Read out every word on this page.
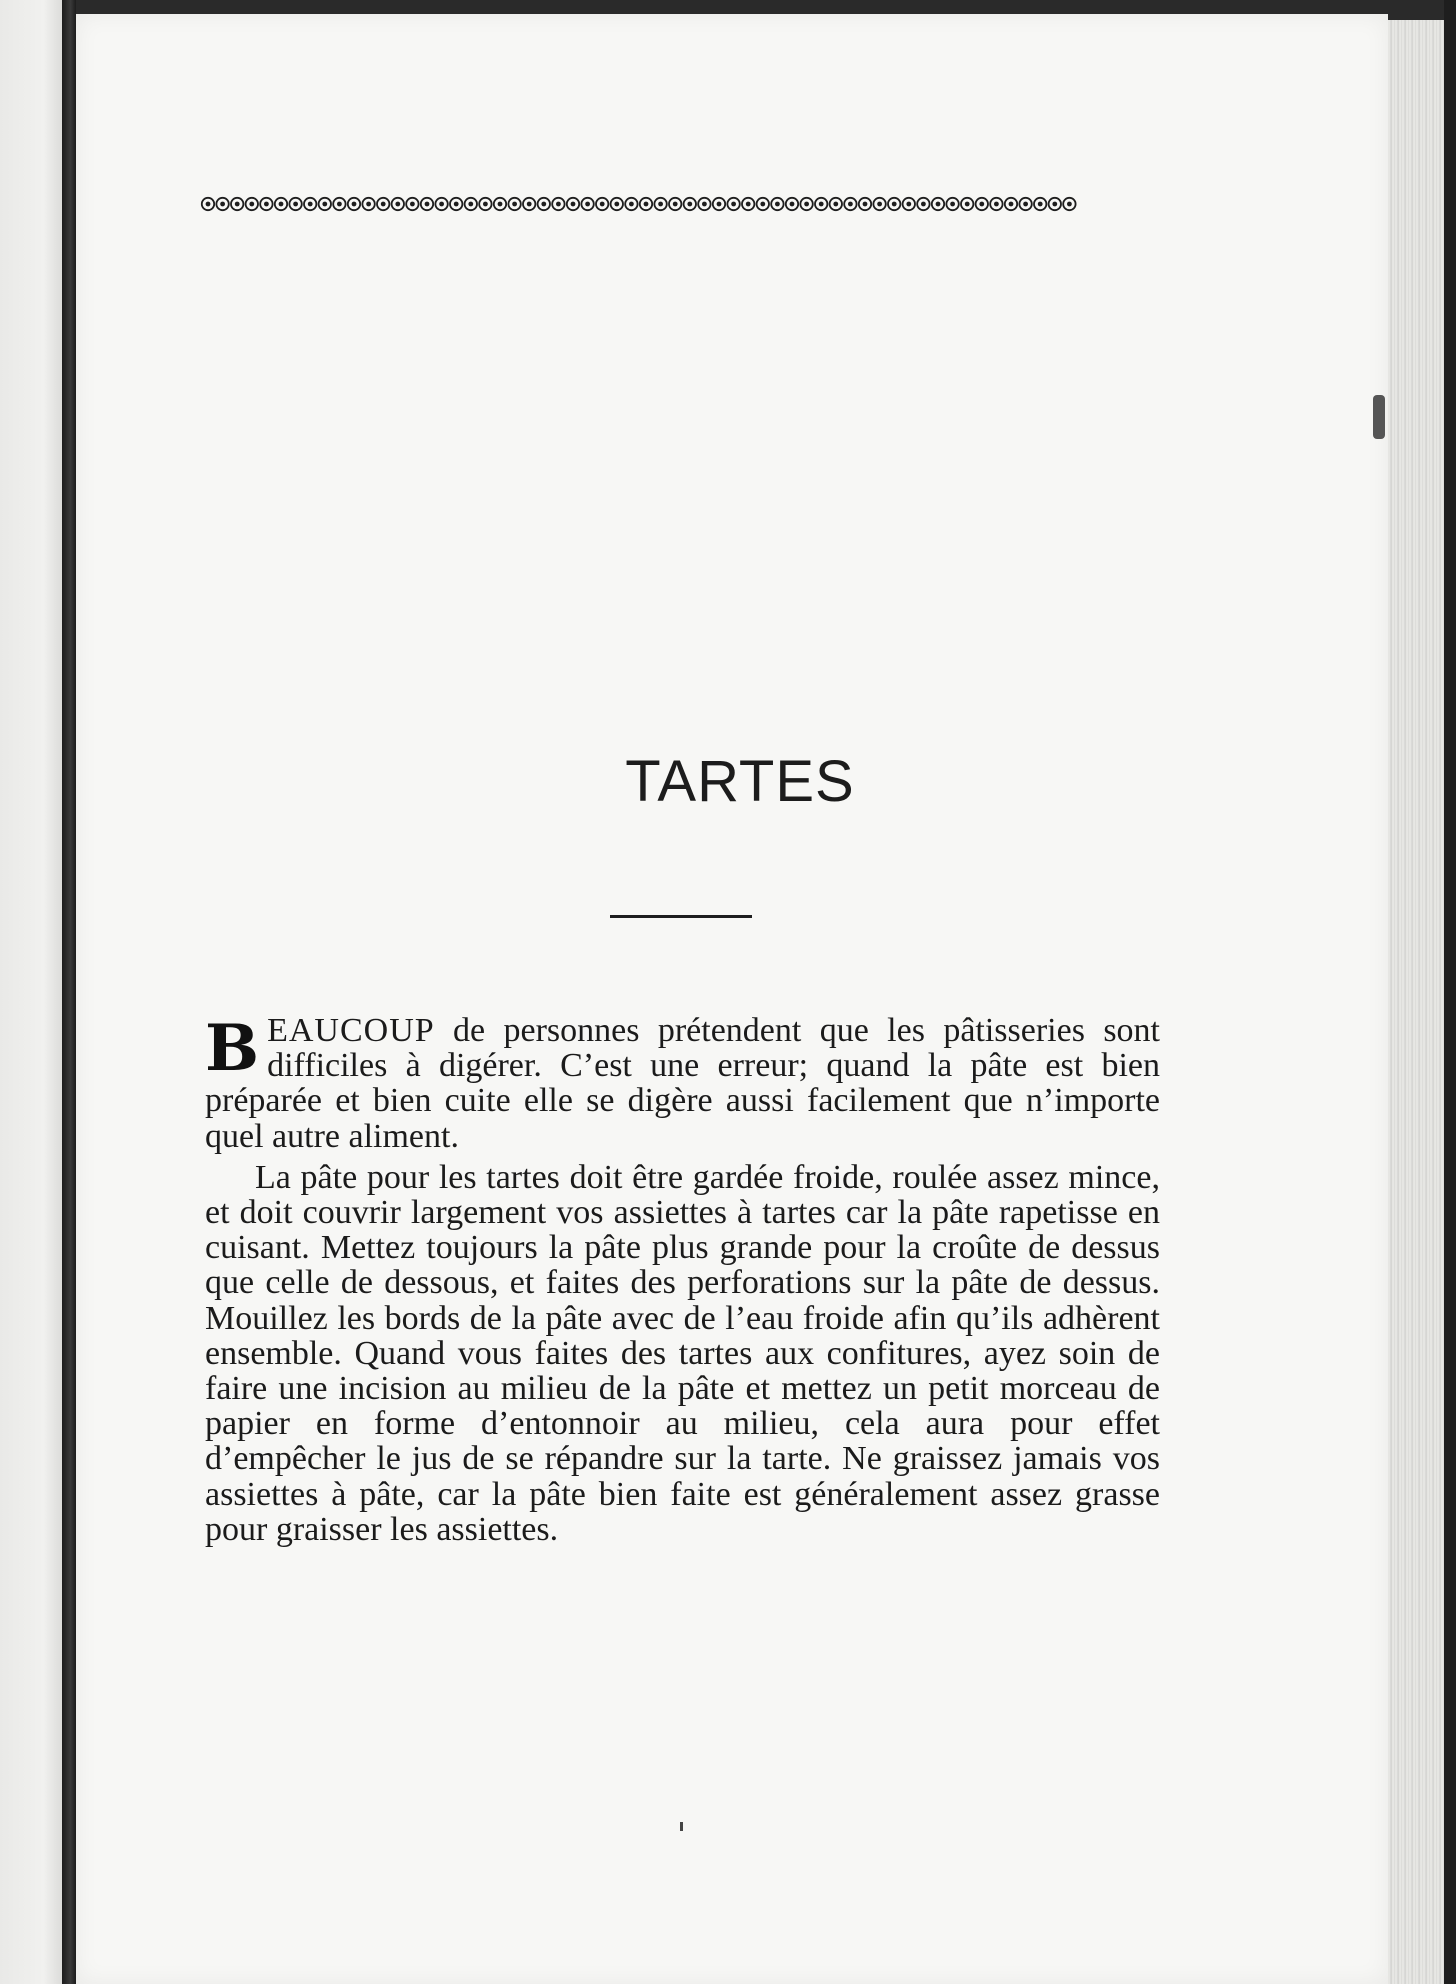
TARTES

BEAUCOUP de personnes prétendent que les pâtisseries sont difficiles à digérer. C’est une erreur; quand la pâte est bien préparée et bien cuite elle se digère aussi facilement que n’importe quel autre aliment.

La pâte pour les tartes doit être gardée froide, roulée assez mince, et doit couvrir largement vos assiettes à tartes car la pâte rapetisse en cuisant. Mettez toujours la pâte plus grande pour la croûte de dessus que celle de dessous, et faites des perforations sur la pâte de dessus. Mouillez les bords de la pâte avec de l’eau froide afin qu’ils adhèrent ensemble. Quand vous faites des tartes aux confitures, ayez soin de faire une incision au milieu de la pâte et mettez un petit morceau de papier en forme d’entonnoir au milieu, cela aura pour effet d’empêcher le jus de se répandre sur la tarte. Ne graissez jamais vos assiettes à pâte, car la pâte bien faite est généralement assez grasse pour graisser les assiettes.
